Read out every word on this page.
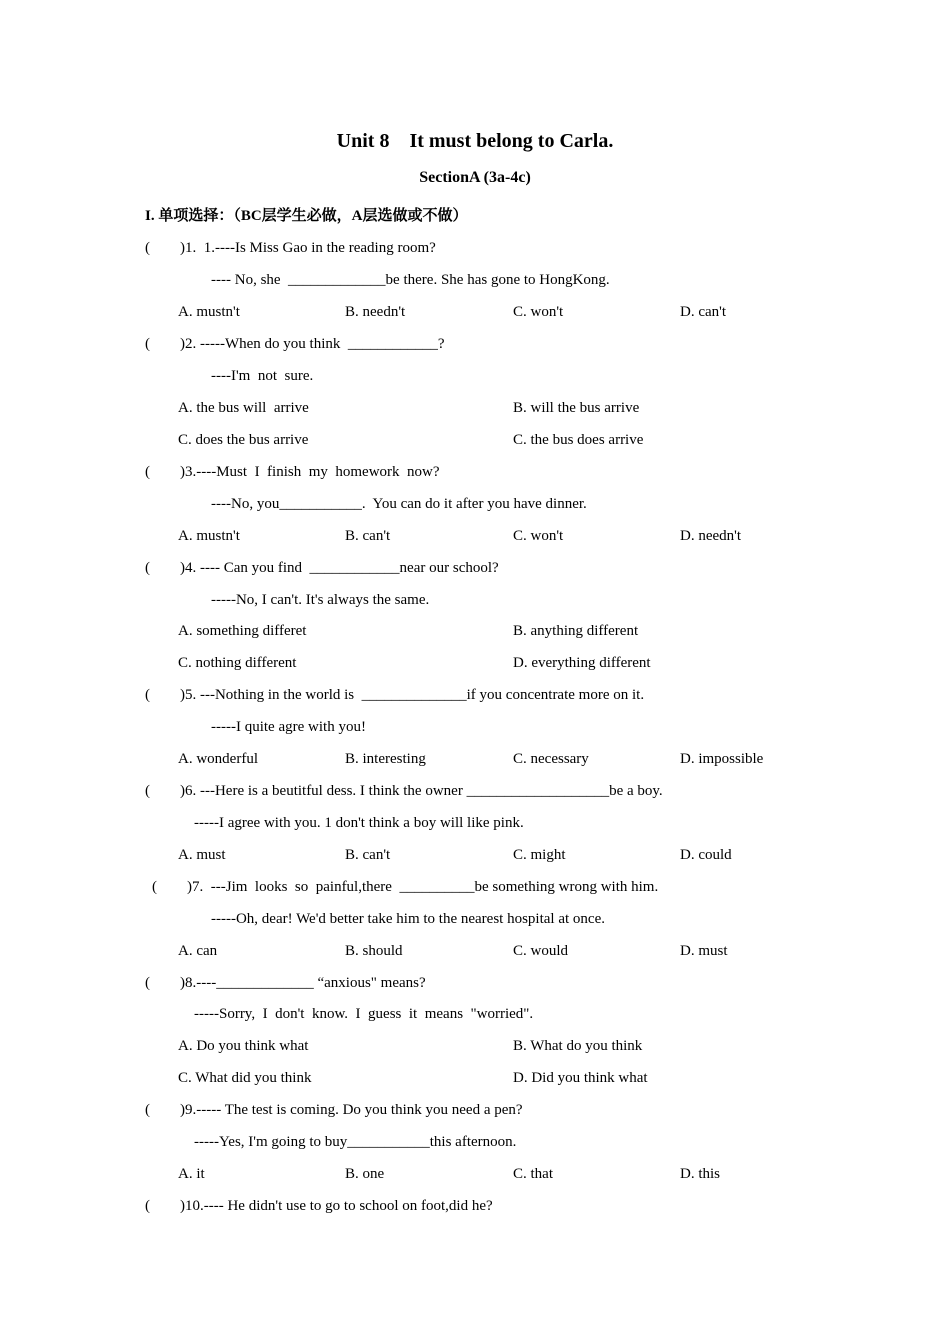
Unit 8    It must belong to Carla.
SectionA (3a-4c)
I. 单项选择：（BC层学生必做，A层选做或不做）
(        )1.  1.----Is Miss Gao in the reading room?
---- No, she  _____________be there. She has gone to HongKong.
A. mustn't	B. needn't	C. won't	D. can't
(        )2. -----When do you think  ____________?
----I'm  not  sure.
A. the bus will  arrive	B. will the bus arrive
C. does the bus arrive	C. the bus does arrive
(        )3.----Must  I  finish  my  homework  now?
----No, you___________.  You can do it after you have dinner.
A. mustn't	B. can't	C. won't	D. needn't
(        )4. ---- Can you find  ____________near our school?
-----No, I can't. It's always the same.
A. something differet	B. anything different
C. nothing different	D. everything different
(        )5. ---Nothing in the world is  ______________if you concentrate more on it.
-----I quite agre with you!
A. wonderful	B. interesting	C. necessary	D. impossible
(        )6. ---Here is a beutitful dess. I think the owner ___________________be a boy.
-----I agree with you. 1 don't think a boy will like pink.
A. must	B. can't	C. might	D. could
(        )7.  ---Jim  looks  so  painful,there  __________be something wrong with him.
-----Oh, dear! We'd better take him to the nearest hospital at once.
A. can	B. should	C. would	D. must
(        )8.----_____________ “anxious" means?
-----Sorry,  I  don't  know.  I  guess  it  means  "worried".
A. Do you think what	B. What do you think
C. What did you think	D. Did you think what
(        )9.----- The test is coming. Do you think you need a pen?
-----Yes, I'm going to buy___________this afternoon.
A. it	B. one	C. that	D. this
(        )10.---- He didn't use to go to school on foot,did he?
